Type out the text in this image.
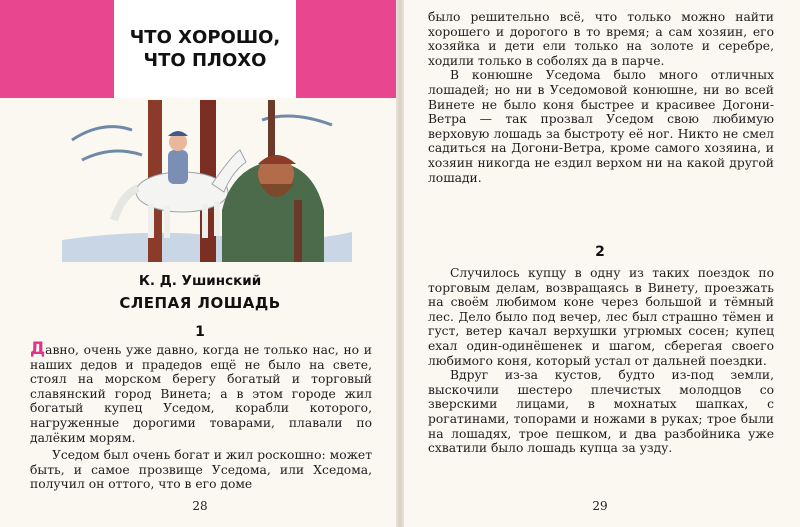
ЧТО ХОРОШО,
ЧТО ПЛОХО
К. Д. Ушинский
СЛЕПАЯ ЛОШАДЬ
1

Давно, очень уже давно, когда не только нас, но и наших дедов и прадедов ещё не было на свете, стоял на морском берегу богатый и торговый славянский город Винета; а в этом городе жил богатый купец Уседом, корабли которого, нагруженные дорогими товарами, плавали по далёким морям.

Уседом был очень богат и жил роскошно: может быть, и самое прозвище Уседома, или Хседома, получил он оттого, что в его доме

28

было решительно всё, что только можно найти хорошего и дорогого в то время; а сам хозяин, его хозяйка и дети ели только на золоте и серебре, ходили только в соболях да в парче.

В конюшне Уседома было много отличных лошадей; но ни в Уседомовой конюшне, ни во всей Винете не было коня быстрее и красивее Догони-Ветра — так прозвал Уседом свою любимую верховую лошадь за быстроту её ног. Никто не смел садиться на Догони-Ветра, кроме самого хозяина, и хозяин никогда не ездил верхом ни на какой другой лошади.

2

Случилось купцу в одну из таких поездок по торговым делам, возвращаясь в Винету, проезжать на своём любимом коне через большой и тёмный лес. Дело было под вечер, лес был страшно тёмен и густ, ветер качал верхушки угрюмых сосен; купец ехал один-одинёшенек и шагом, сберегая своего любимого коня, который устал от дальней поездки.

Вдруг из-за кустов, будто из-под земли, выскочили шестеро плечистых молодцов со зверскими лицами, в мохнатых шапках, с рогатинами, топорами и ножами в руках; трое были на лошадях, трое пешком, и два разбойника уже схватили было лошадь купца за узду.

29
